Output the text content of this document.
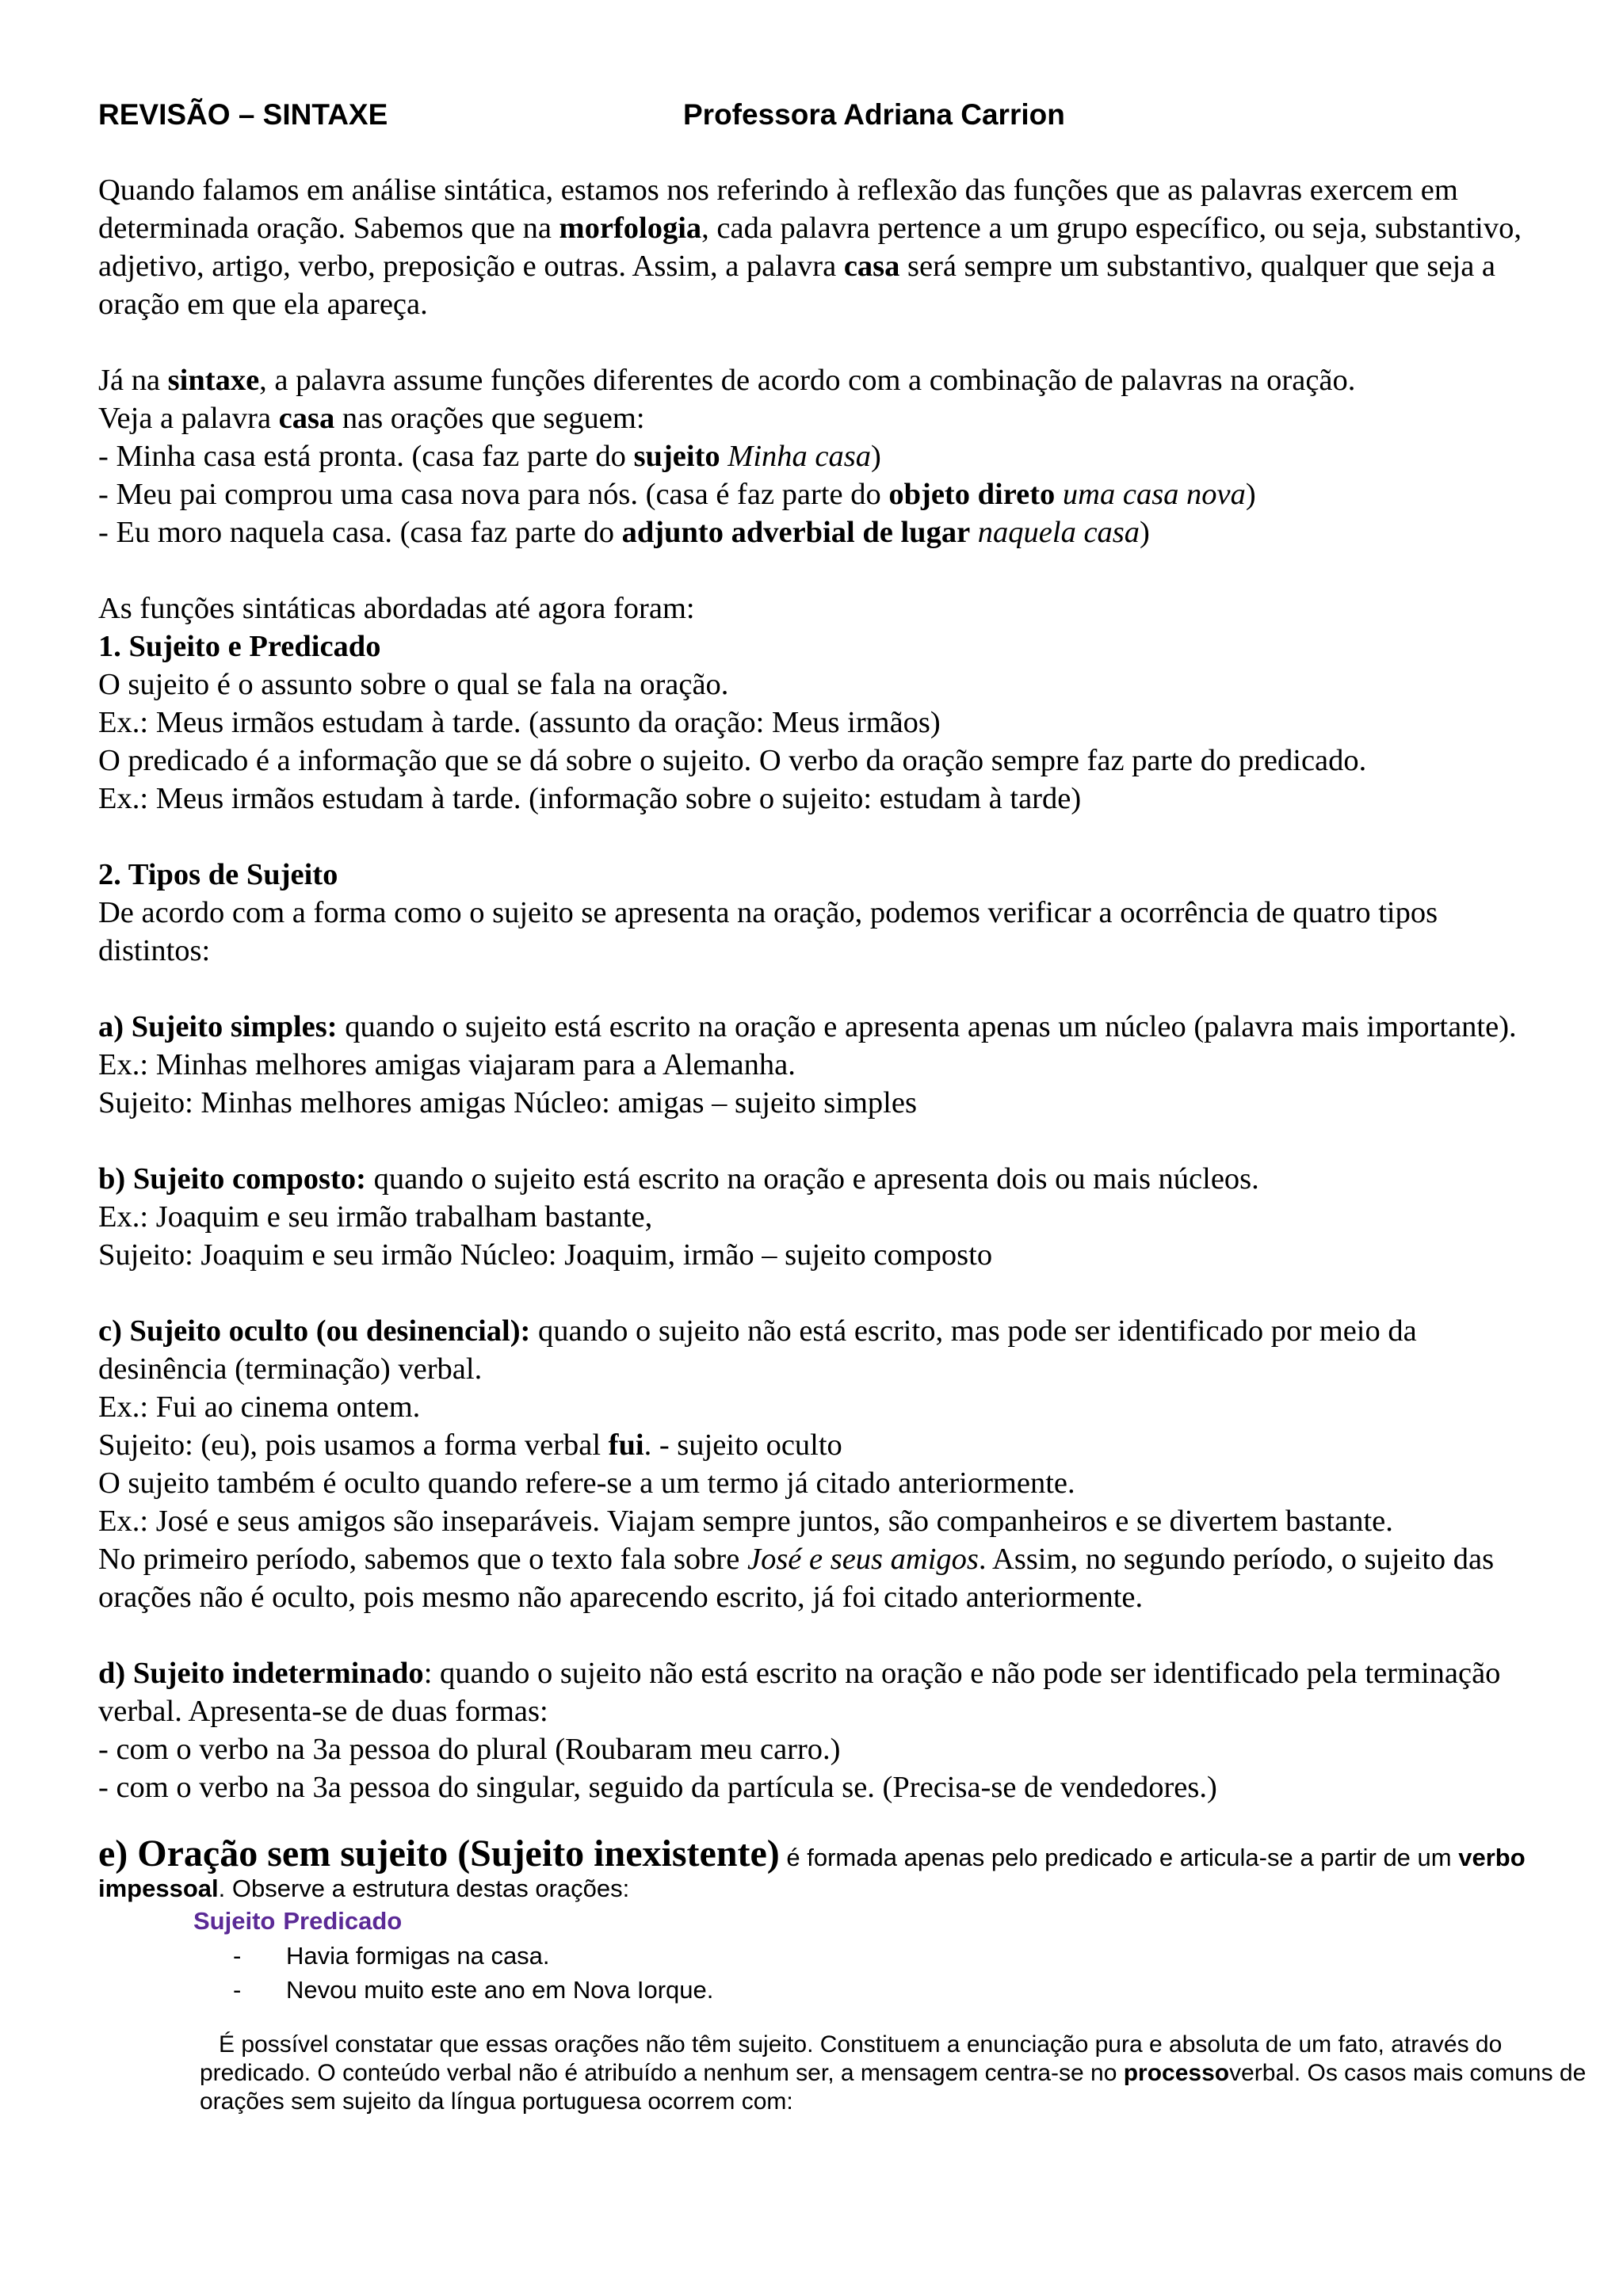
REVISÃO – SINTAXE	Professora Adriana Carrion

Quando falamos em análise sintática, estamos nos referindo à reflexão das funções que as palavras exercem em determinada oração. Sabemos que na morfologia, cada palavra pertence a um grupo específico, ou seja, substantivo, adjetivo, artigo, verbo, preposição e outras. Assim, a palavra casa será sempre um substantivo, qualquer que seja a oração em que ela apareça.

Já na sintaxe, a palavra assume funções diferentes de acordo com a combinação de palavras na oração.

Veja a palavra casa nas orações que seguem:

- Minha casa está pronta. (casa faz parte do sujeito Minha casa)

- Meu pai comprou uma casa nova para nós. (casa é faz parte do objeto direto uma casa nova)

- Eu moro naquela casa. (casa faz parte do adjunto adverbial de lugar naquela casa)

As funções sintáticas abordadas até agora foram:

1. Sujeito e Predicado

O sujeito é o assunto sobre o qual se fala na oração.

Ex.: Meus irmãos estudam à tarde. (assunto da oração: Meus irmãos)

O predicado é a informação que se dá sobre o sujeito. O verbo da oração sempre faz parte do predicado.

Ex.: Meus irmãos estudam à tarde. (informação sobre o sujeito: estudam à tarde)

2. Tipos de Sujeito

De acordo com a forma como o sujeito se apresenta na oração, podemos verificar a ocorrência de quatro tipos distintos:

a) Sujeito simples: quando o sujeito está escrito na oração e apresenta apenas um núcleo (palavra mais importante).

Ex.: Minhas melhores amigas viajaram para a Alemanha.

Sujeito: Minhas melhores amigas Núcleo: amigas – sujeito simples

b) Sujeito composto: quando o sujeito está escrito na oração e apresenta dois ou mais núcleos.

Ex.: Joaquim e seu irmão trabalham bastante,

Sujeito: Joaquim e seu irmão Núcleo: Joaquim, irmão – sujeito composto

c) Sujeito oculto (ou desinencial): quando o sujeito não está escrito, mas pode ser identificado por meio da desinência (terminação) verbal.

Ex.: Fui ao cinema ontem.

Sujeito: (eu), pois usamos a forma verbal fui. - sujeito oculto

O sujeito também é oculto quando refere-se a um termo já citado anteriormente.

Ex.: José e seus amigos são inseparáveis. Viajam sempre juntos, são companheiros e se divertem bastante.

No primeiro período, sabemos que o texto fala sobre José e seus amigos. Assim, no segundo período, o sujeito das orações não é oculto, pois mesmo não aparecendo escrito, já foi citado anteriormente.

d) Sujeito indeterminado: quando o sujeito não está escrito na oração e não pode ser identificado pela terminação verbal. Apresenta-se de duas formas:

- com o verbo na 3a pessoa do plural (Roubaram meu carro.)

- com o verbo na 3a pessoa do singular, seguido da partícula se. (Precisa-se de vendedores.)

e) Oração sem sujeito (Sujeito inexistente) é formada apenas pelo predicado e articula-se a partir de um verbo impessoal. Observe a estrutura destas orações:
Sujeito Predicado
- Havia formigas na casa.
- Nevou muito este ano em Nova Iorque.
É possível constatar que essas orações não têm sujeito. Constituem a enunciação pura e absoluta de um fato, através do predicado. O conteúdo verbal não é atribuído a nenhum ser, a mensagem centra-se no processoverbal. Os casos mais comuns de orações sem sujeito da língua portuguesa ocorrem com:
